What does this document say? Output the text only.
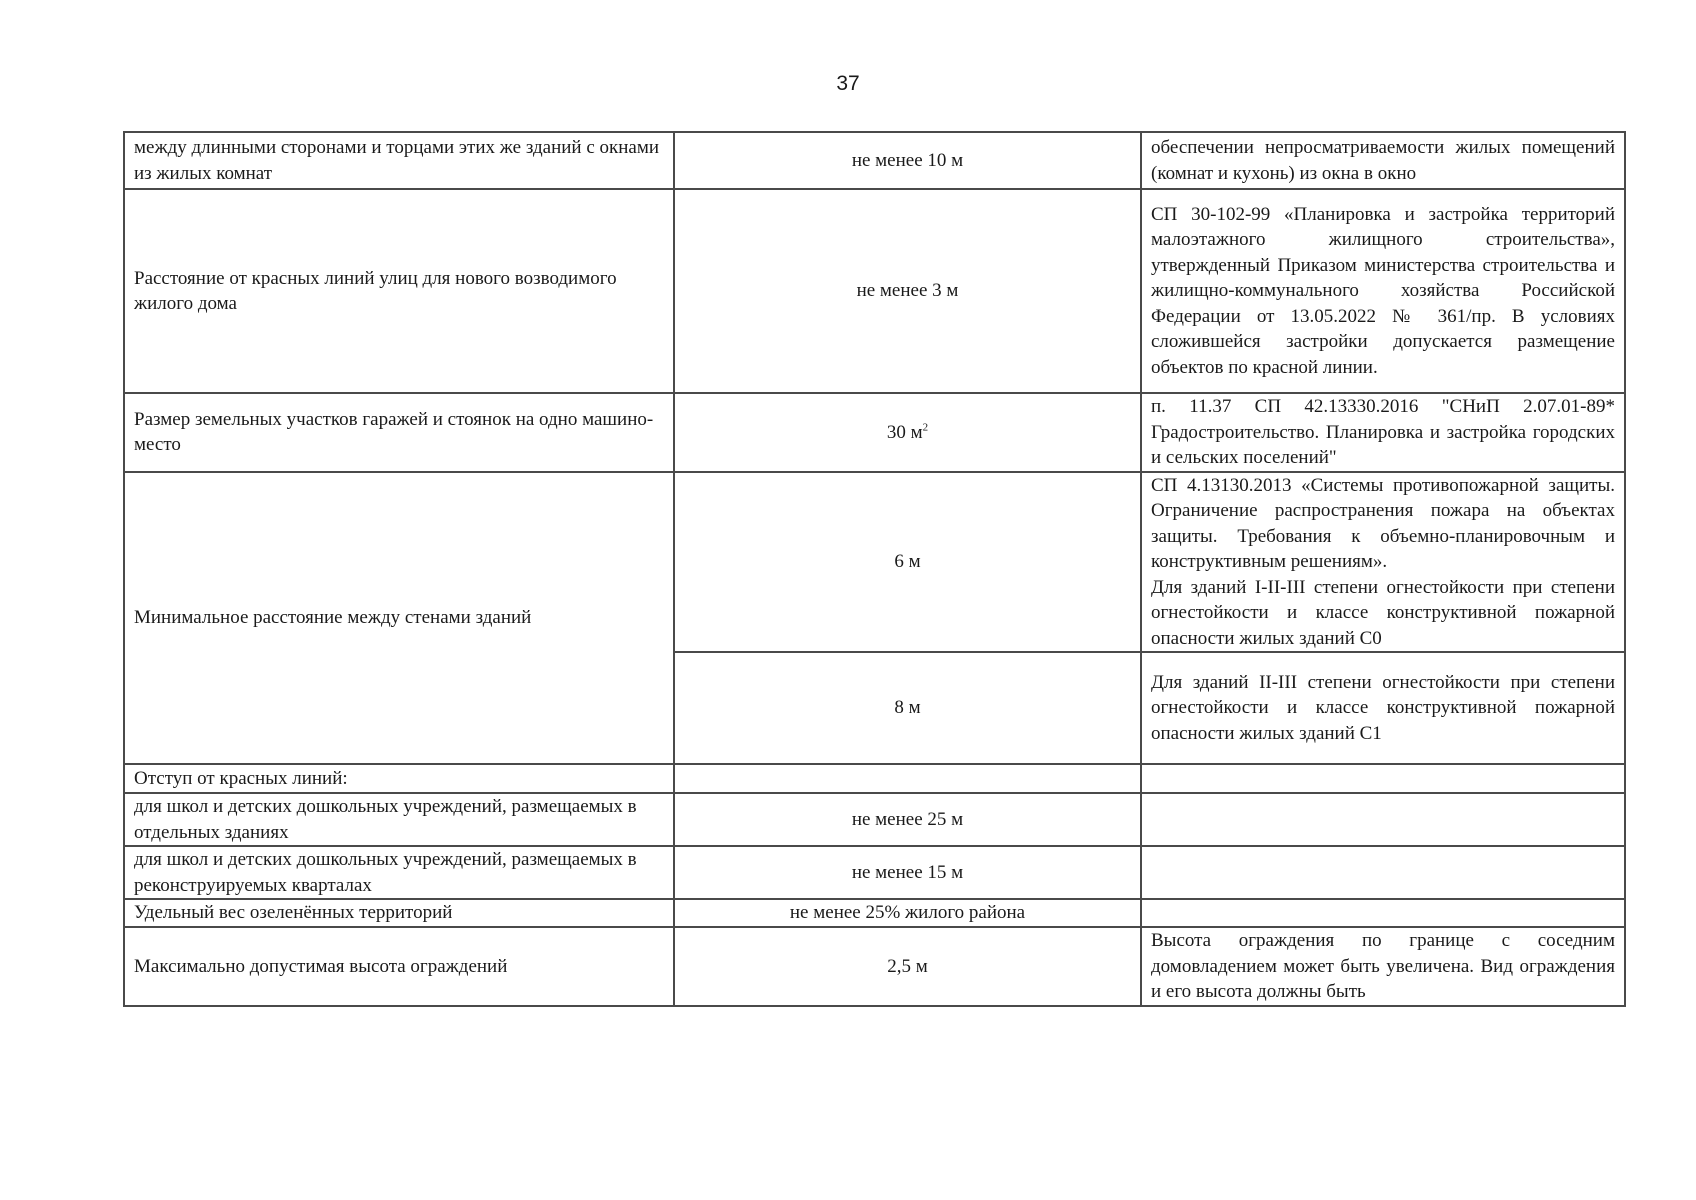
37
между длинными сторонами и торцами этих же зданий с окнами из жилых комнат	не менее 10 м	обеспечении непросматриваемости жилых помещений (комнат и кухонь) из окна в окно
Расстояние от красных линий улиц для нового возводимого жилого дома	не менее 3 м	СП 30-102-99 «Планировка и застройка территорий малоэтажного жилищного строительства», утвержденный Приказом министерства строительства и жилищно-коммунального хозяйства Российской Федерации от 13.05.2022 № 361/пр. В условиях сложившейся застройки допускается размещение объектов по красной линии.
Размер земельных участков гаражей и стоянок на одно машино-место	30 $м^2$	п. 11.37 СП 42.13330.2016 "СНиП 2.07.01-89* Градостроительство. Планировка и застройка городских и сельских поселений"
Минимальное расстояние между стенами зданий	6 м	СП 4.13130.2013 «Системы противопожарной защиты. Ограничение распространения пожара на объектах защиты. Требования к объемно-планировочным и конструктивным решениям».
Для зданий I-II-III степени огнестойкости при степени огнестойкости и классе конструктивной пожарной опасности жилых зданий С0

	8 м	Для зданий II-III степени огнестойкости при степени огнестойкости и классе конструктивной пожарной опасности жилых зданий С1
Отступ от красных линий:		
для школ и детских дошкольных учреждений, размещаемых в отдельных зданиях	не менее 25 м	
для школ и детских дошкольных учреждений, размещаемых в реконструируемых кварталах	не менее 15 м	
Удельный вес озеленённых территорий	не менее 25% жилого района	
Максимально допустимая высота ограждений	2,5 м	Высота ограждения по границе с соседним домовладением может быть увеличена. Вид ограждения и его высота должны быть
